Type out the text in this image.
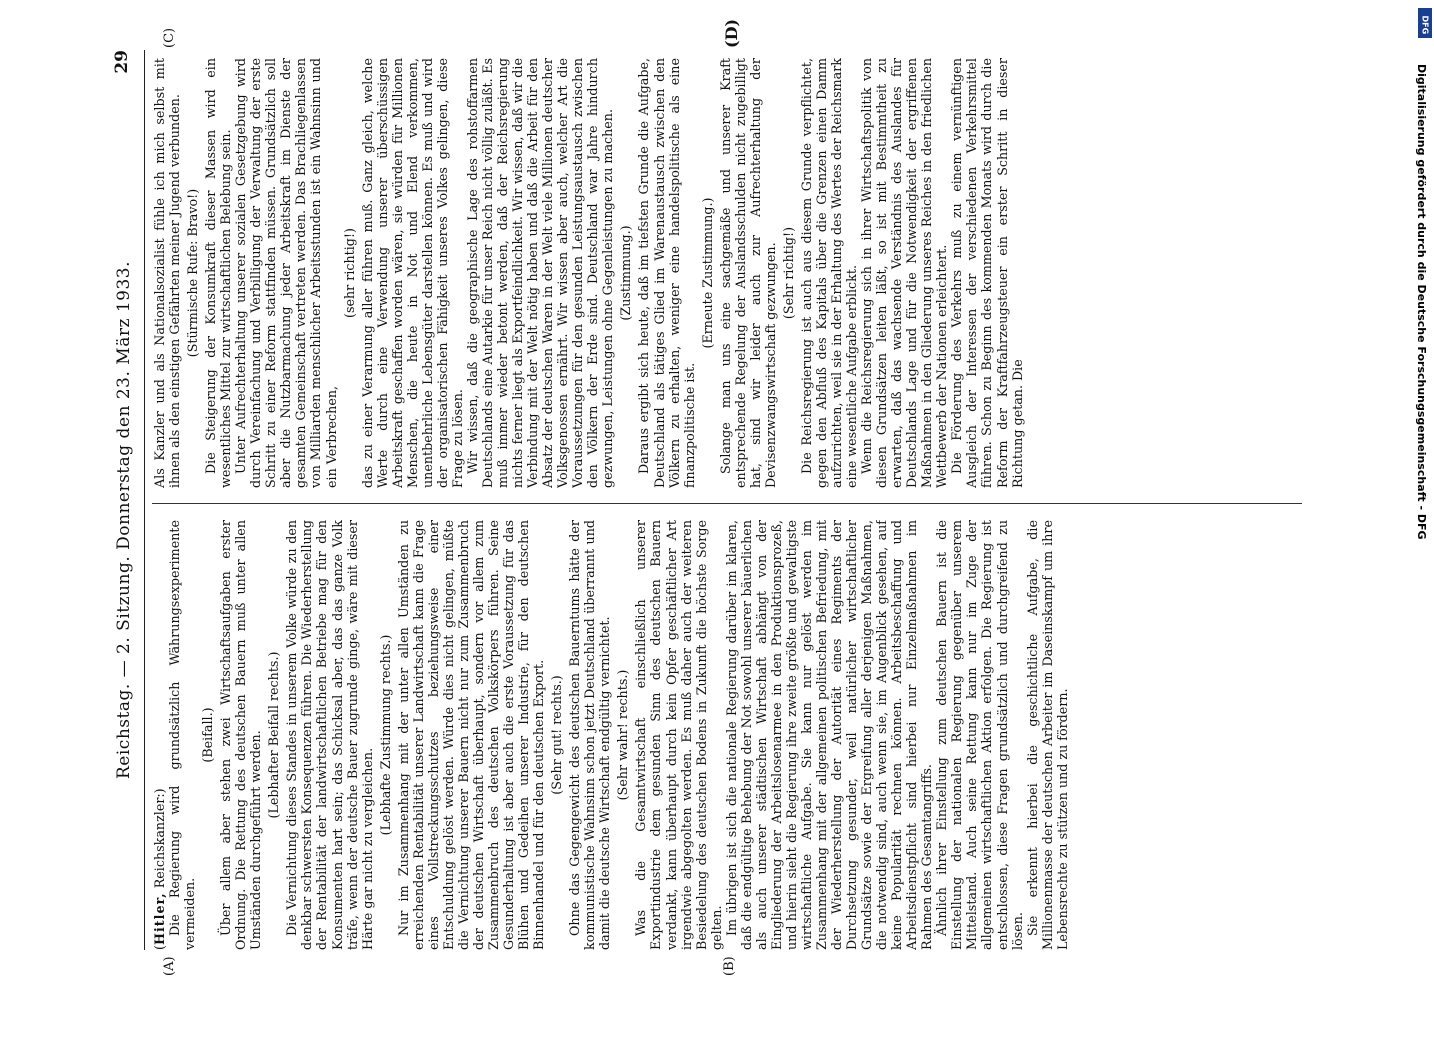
Reichstag. — 2. Sitzung. Donnerstag den 23. März 1933.
29
(A)	(B)
(C)	(D)

(Hitler, Reichskanzler:) Die Regierung wird grundsätzlich Währungsexperimente vermeiden.

(Beifall.) Über allem aber stehen zwei Wirtschaftsaufgaben erster Ordnung. Die Rettung des deutschen Bauern muß unter allen Umständen durchgeführt werden. (Lebhafter Beifall rechts.) Die Vernichtung dieses Standes in unserem Volke würde zu den denkbar schwersten Konsequenzen führen. Die Wiederherstellung der Rentabilität der landwirtschaftlichen Betriebe mag für den Konsumenten hart sein; das Schicksal aber, das das ganze Volk träfe, wenn der deutsche Bauer zugrunde ginge, wäre mit dieser Härte gar nicht zu vergleichen.

(Lebhafte Zustimmung rechts.) Nur im Zusammenhang mit der unter allen Umständen zu erreichenden Rentabilität unserer Landwirtschaft kann die Frage eines Vollstreckungsschutzes beziehungsweise einer Entschuldung gelöst werden. Würde dies nicht gelingen, müßte die Vernichtung unserer Bauern nicht nur zum Zusammenbruch der deutschen Wirtschaft überhaupt, sondern vor allem zum Zusammenbruch des deutschen Volkskörpers führen. Seine Gesunderhaltung ist aber auch die erste Voraussetzung für das Blühen und Gedeihen unserer Industrie, für den deutschen Binnenhandel und für den deutschen Export. (Sehr gut! rechts.) Ohne das Gegengewicht des deutschen Bauerntums hätte der kommunistische Wahnsinn schon jetzt Deutschland überrannt und damit die deutsche Wirtschaft endgültig vernichtet. (Sehr wahr! rechts.) Was die Gesamtwirtschaft einschließlich unserer Exportindustrie dem gesunden Sinn des deutschen Bauern verdankt, kann überhaupt durch kein Opfer geschäftlicher Art irgendwie abgegolten werden. Es muß daher auch der weiteren Besiedelung des deutschen Bodens in Zukunft die höchste Sorge gelten. Im übrigen ist sich die nationale Regierung darüber im klaren, daß die endgültige Behebung der Not sowohl unserer bäuerlichen als auch unserer städtischen Wirtschaft abhängt von der Eingliederung der Arbeitslosenarmee in den Produktionsprozeß, und hierin sieht die Regierung ihre zweite größte und gewaltigste wirtschaftliche Aufgabe. Sie kann nur gelöst werden im Zusammenhang mit der allgemeinen politischen Befriedung, mit der Wiederherstellung der Autorität eines Regiments der Durchsetzung gesunder, weil natürlicher wirtschaftlicher Grundsätze sowie der Ergreifung aller derjenigen Maßnahmen, die notwendig sind, auch wenn sie, im Augenblick gesehen, auf keine Popularität rechnen können. Arbeitsbeschaffung und Arbeitsdienstpflicht sind hierbei nur Einzelmaßnahmen im Rahmen des Gesamtangriffs. Ähnlich ihrer Einstellung zum deutschen Bauern ist die Einstellung der nationalen Regierung gegenüber unserem Mittelstand. Auch seine Rettung kann nur im Zuge der allgemeinen wirtschaftlichen Aktion erfolgen. Die Regierung ist entschlossen, diese Fragen grundsätzlich und durchgreifend zu lösen. Sie erkennt hierbei die geschichtliche Aufgabe, die Millionenmasse der deutschen Arbeiter im Daseinskampf um ihre Lebensrechte zu stützen und zu fördern.

Als Kanzler und als Nationalsozialist fühle ich mich selbst mit ihnen als den einstigen Gefährten meiner Jugend verbunden. (Stürmische Rufe: Bravo!) Die Steigerung der Konsumkraft dieser Massen wird ein wesentliches Mittel zur wirtschaftlichen Belebung sein. Unter Aufrechterhaltung unserer sozialen Gesetzgebung wird durch Vereinfachung und Verbilligung der Verwaltung der erste Schritt zu einer Reform stattfinden müssen. Grundsätzlich soll aber die Nutzbarmachung jeder Arbeitskraft im Dienste der gesamten Gemeinschaft vertreten werden. Das Brachliegenlassen von Milliarden menschlicher Arbeitsstunden ist ein Wahnsinn und ein Verbrechen,

(sehr richtig!) das zu einer Verarmung aller führen muß. Ganz gleich, welche Werte durch eine Verwendung unserer überschüssigen Arbeitskraft geschaffen worden wären, sie würden für Millionen Menschen, die heute in Not und Elend verkommen, unentbehrliche Lebensgüter darstellen können. Es muß und wird der organisatorischen Fähigkeit unseres Volkes gelingen, diese Frage zu lösen. Wir wissen, daß die geographische Lage des rohstoffarmen Deutschlands eine Autarkie für unser Reich nicht völlig zuläßt. Es muß immer wieder betont werden, daß der Reichsregierung nichts ferner liegt als Exportfeindlichkeit. Wir wissen, daß wir die Verbindung mit der Welt nötig haben und daß die Arbeit für den Absatz der deutschen Waren in der Welt viele Millionen deutscher Volksgenossen ernährt. Wir wissen aber auch, welcher Art die Voraussetzungen für den gesunden Leistungsaustausch zwischen den Völkern der Erde sind. Deutschland war Jahre hindurch gezwungen, Leistungen ohne Gegenleistungen zu machen. (Zustimmung.) Daraus ergibt sich heute, daß im tiefsten Grunde die Aufgabe, Deutschland als tätiges Glied im Warenaustausch zwischen den Völkern zu erhalten, weniger eine handelspolitische als eine finanzpolitische ist.

(Erneute Zustimmung.) Solange man uns eine sachgemäße und unserer Kraft entsprechende Regelung der Auslandsschulden nicht zugebilligt hat, sind wir leider auch zur Aufrechterhaltung der Devisenzwangswirtschaft gezwungen. (Sehr richtig!) Die Reichsregierung ist auch aus diesem Grunde verpflichtet, gegen den Abfluß des Kapitals über die Grenzen einen Damm aufzurichten, weil sie in der Erhaltung des Wertes der Reichsmark eine wesentliche Aufgabe erblickt. Wenn die Reichsregierung sich in ihrer Wirtschaftspolitik von diesen Grundsätzen leiten läßt, so ist mit Bestimmtheit zu erwarten, daß das wachsende Verständnis des Auslandes für Deutschlands Lage und für die Notwendigkeit der ergriffenen Maßnahmen in den Gliederung unseres Reiches in den friedlichen Wettbewerb der Nationen erleichtert. Die Förderung des Verkehrs muß zu einem vernünftigen Ausgleich der Interessen der verschiedenen Verkehrsmittel führen. Schon zu Beginn des kommenden Monats wird durch die Reform der Kraftfahrzeugsteuer ein erster Schritt in dieser Richtung getan. Die

DFG
Digitalisierung gefördert durch die Deutsche Forschungsgemeinschaft - DFG
